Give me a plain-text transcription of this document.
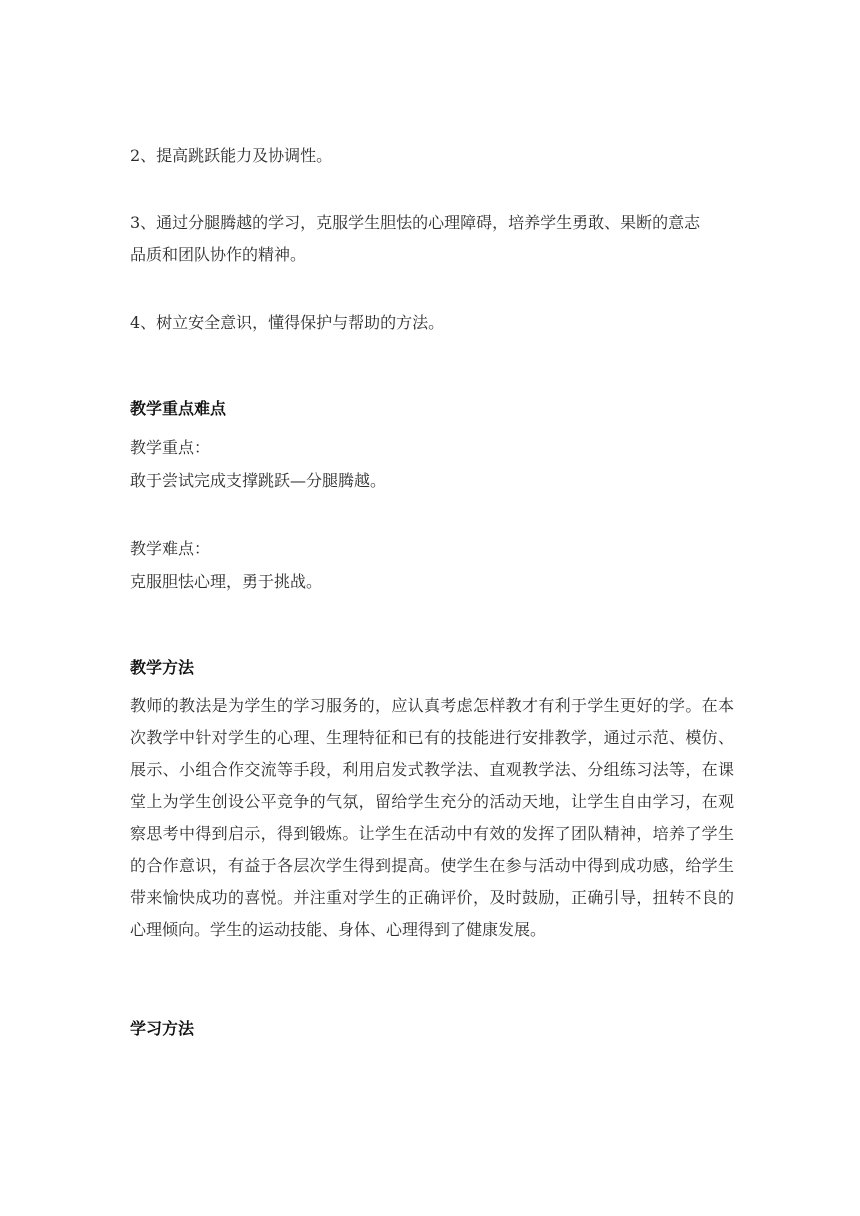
2、提高跳跃能力及协调性。
3、通过分腿腾越的学习，克服学生胆怯的心理障碍，培养学生勇敢、果断的意志
品质和团队协作的精神。
4、树立安全意识，懂得保护与帮助的方法。
教学重点难点
教学重点：
敢于尝试完成支撑跳跃—分腿腾越。
教学难点：
克服胆怯心理，勇于挑战。
教学方法
教师的教法是为学生的学习服务的，应认真考虑怎样教才有利于学生更好的学。在本次教学中针对学生的心理、生理特征和已有的技能进行安排教学，通过示范、模仿、展示、小组合作交流等手段，利用启发式教学法、直观教学法、分组练习法等，在课堂上为学生创设公平竞争的气氛，留给学生充分的活动天地，让学生自由学习，在观察思考中得到启示，得到锻炼。让学生在活动中有效的发挥了团队精神，培养了学生的合作意识，有益于各层次学生得到提高。使学生在参与活动中得到成功感，给学生带来愉快成功的喜悦。并注重对学生的正确评价，及时鼓励，正确引导，扭转不良的心理倾向。学生的运动技能、身体、心理得到了健康发展。
学习方法
